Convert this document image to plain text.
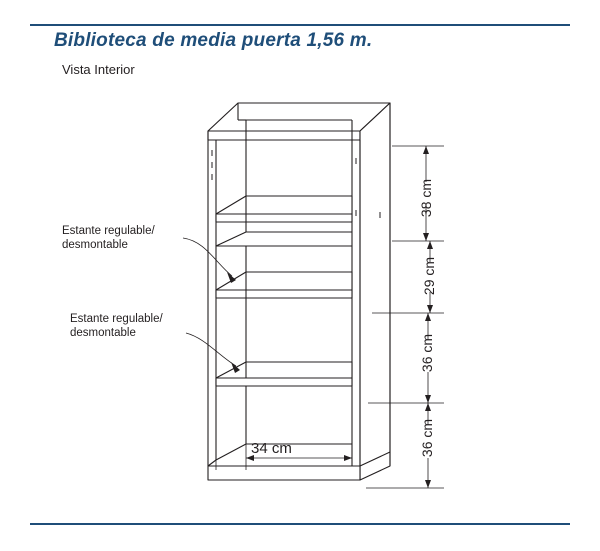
Biblioteca de media puerta 1,56 m.
Vista Interior
Estante regulable/
desmontable
Estante regulable/
desmontable
38 cm
29 cm
36 cm
36 cm
34 cm
